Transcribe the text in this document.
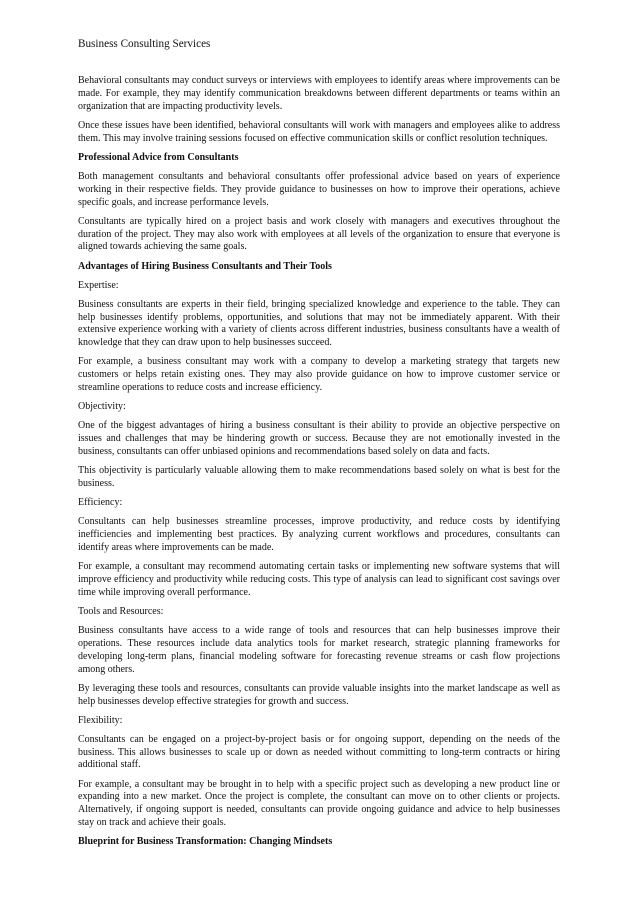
Business Consulting Services

Behavioral consultants may conduct surveys or interviews with employees to identify areas where improvements can be made. For example, they may identify communication breakdowns between different departments or teams within an organization that are impacting productivity levels.

Once these issues have been identified, behavioral consultants will work with managers and employees alike to address them. This may involve training sessions focused on effective communication skills or conflict resolution techniques.

Professional Advice from Consultants

Both management consultants and behavioral consultants offer professional advice based on years of experience working in their respective fields. They provide guidance to businesses on how to improve their operations, achieve specific goals, and increase performance levels.

Consultants are typically hired on a project basis and work closely with managers and executives throughout the duration of the project. They may also work with employees at all levels of the organization to ensure that everyone is aligned towards achieving the same goals.

Advantages of Hiring Business Consultants and Their Tools

Expertise:

Business consultants are experts in their field, bringing specialized knowledge and experience to the table. They can help businesses identify problems, opportunities, and solutions that may not be immediately apparent. With their extensive experience working with a variety of clients across different industries, business consultants have a wealth of knowledge that they can draw upon to help businesses succeed.

For example, a business consultant may work with a company to develop a marketing strategy that targets new customers or helps retain existing ones. They may also provide guidance on how to improve customer service or streamline operations to reduce costs and increase efficiency.

Objectivity:

One of the biggest advantages of hiring a business consultant is their ability to provide an objective perspective on issues and challenges that may be hindering growth or success. Because they are not emotionally invested in the business, consultants can offer unbiased opinions and recommendations based solely on data and facts.

This objectivity is particularly valuable allowing them to make recommendations based solely on what is best for the business.

Efficiency:

Consultants can help businesses streamline processes, improve productivity, and reduce costs by identifying inefficiencies and implementing best practices. By analyzing current workflows and procedures, consultants can identify areas where improvements can be made.

For example, a consultant may recommend automating certain tasks or implementing new software systems that will improve efficiency and productivity while reducing costs. This type of analysis can lead to significant cost savings over time while improving overall performance.

Tools and Resources:

Business consultants have access to a wide range of tools and resources that can help businesses improve their operations. These resources include data analytics tools for market research, strategic planning frameworks for developing long-term plans, financial modeling software for forecasting revenue streams or cash flow projections among others.

By leveraging these tools and resources, consultants can provide valuable insights into the market landscape as well as help businesses develop effective strategies for growth and success.

Flexibility:

Consultants can be engaged on a project-by-project basis or for ongoing support, depending on the needs of the business. This allows businesses to scale up or down as needed without committing to long-term contracts or hiring additional staff.

For example, a consultant may be brought in to help with a specific project such as developing a new product line or expanding into a new market. Once the project is complete, the consultant can move on to other clients or projects. Alternatively, if ongoing support is needed, consultants can provide ongoing guidance and advice to help businesses stay on track and achieve their goals.

Blueprint for Business Transformation: Changing Mindsets
